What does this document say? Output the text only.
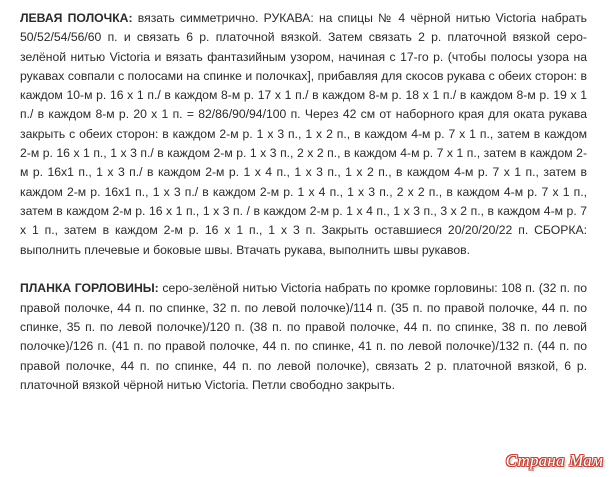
ЛЕВАЯ ПОЛОЧКА: вязать симметрично. РУКАВА: на спицы № 4 чёрной нитью Victoria набрать 50/52/54/56/60 п. и связать 6 р. платочной вязкой. Затем связать 2 р. платочной вязкой серо-зелёной нитью Victoria и вязать фантазийным узором, начиная с 17-го р. (чтобы полосы узора на рукавах совпали с полосами на спинке и полочках], прибавляя для скосов рукава с обеих сторон: в каждом 10-м р. 16 х 1 п./ в каждом 8-м р. 17 х 1 п./ в каждом 8-м р. 18 х 1 п./ в каждом 8-м р. 19 х 1 п./ в каждом 8-м р. 20 х 1 п. = 82/86/90/94/100 п. Через 42 см от наборного края для оката рукава закрыть с обеих сторон: в каждом 2-м р. 1 х 3 п., 1 х 2 п., в каждом 4-м р. 7 х 1 п., затем в каждом 2-м р. 16 х 1 п., 1 х 3 п./ в каждом 2-м р. 1 х 3 п., 2 х 2 п., в каждом 4-м р. 7 х 1 п., затем в каждом 2-м р. 16х1 п., 1 х 3 п./ в каждом 2-м р. 1 х 4 п., 1 х 3 п., 1 х 2 п., в каждом 4-м р. 7 х 1 п., затем в каждом 2-м р. 16х1 п., 1 х 3 п./ в каждом 2-м р. 1 х 4 п., 1 х 3 п., 2 х 2 п., в каждом 4-м р. 7 х 1 п., затем в каждом 2-м р. 16 х 1 п., 1 х 3 п. / в каждом 2-м р. 1 х 4 п., 1 х 3 п., 3 х 2 п., в каждом 4-м р. 7 х 1 п., затем в каждом 2-м р. 16 х 1 п., 1 х 3 п. Закрыть оставшиеся 20/20/20/22 п. СБОРКА: выполнить плечевые и боковые швы. Втачать рукава, выполнить швы рукавов.

ПЛАНКА ГОРЛОВИНЫ: серо-зелёной нитью Victoria набрать по кромке горловины: 108 п. (32 п. по правой полочке, 44 п. по спинке, 32 п. по левой полочке)/114 п. (35 п. по правой полочке, 44 п. по спинке, 35 п. по левой полочке)/120 п. (38 п. по правой полочке, 44 п. по спинке, 38 п. по левой полочке)/126 п. (41 п. по правой полочке, 44 п. по спинке, 41 п. по левой полочке)/132 п. (44 п. по правой полочке, 44 п. по спинке, 44 п. по левой полочке), связать 2 р. платочной вязкой, 6 р. платочной вязкой чёрной нитью Victoria. Петли свободно закрыть.

Страна Мам
